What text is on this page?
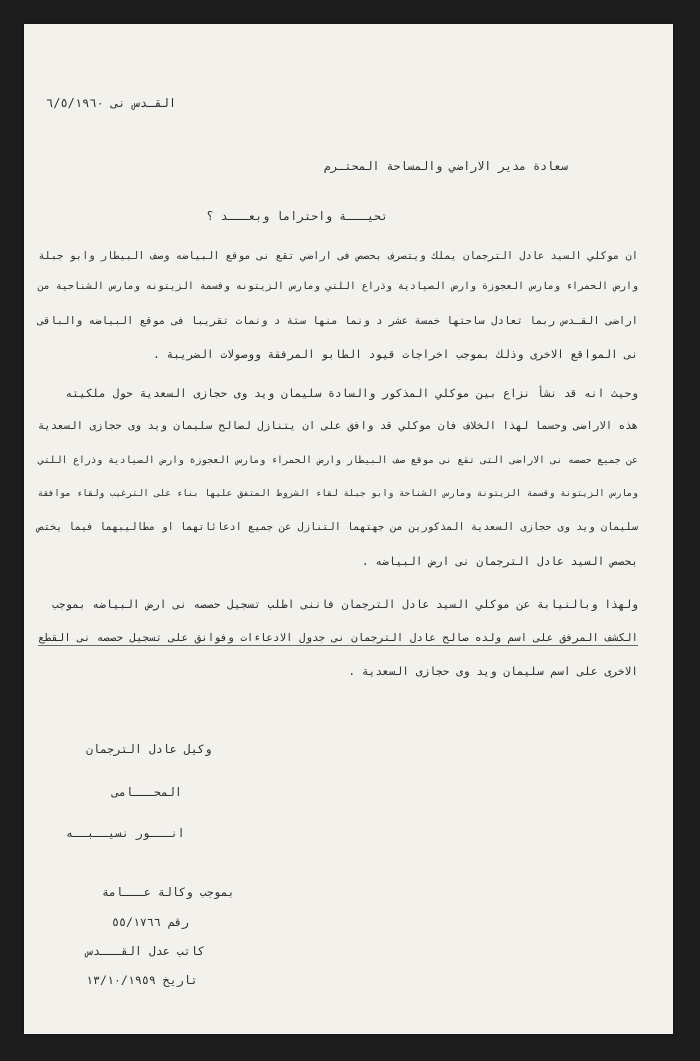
القـدس نى ٦/٥/١٩٦٠
سعادة مدير الاراضي والمساحة المحتـرم
تحيـــة واحتراما وبعـــد ؟
ان موكلي السيد عادل الترجمان يملك ويتصرف بحصص فى اراضي تقع نى موقع البياضه وصف البيطار وابو جبلة
وارض الحمراء ومارس العجوزة وارض الصيادية وذراع اللتي ومارس الزيتونه وفسمة الزيتونه ومارس الشناحية من
اراضى القـدس ربما تعادل ساحتها خمسة عشر د ونما منها ستة د ونمات تقريبا فى موقع البياضه والباقى
نى المواقع الاخرى وذلك بموجب اخراجات قيود الطابو المرفقة ووصولات الضريبة .
وحيث انه قد نشأ نزاع بين موكلي المذكور والسادة سليمان ويد وى حجازى السعدية حول ملكيته
هذه الاراضى وحسما لهذا الخلاف فان موكلي قد وافق على ان يتنازل لصالح سليمان ويد وى حجازى السعدية
عن جميع حصصه نى الاراضى التى تقع نى موقع صف البيطار وارض الحمراء ومارس العجوزة وارض الصيادية وذراع اللتي
ومارس الزيتونة وقسمة الزيتونة ومارس الشناحة وابو جبلة لقاء الشروط المتفق عليها بناء على الترغيب ولقاء موافقة
سليمان ويد وى حجازى السعدية المذكورين من جهتهما التنازل عن جميع ادعائاتهما او مطاليبهما فيما يختص
بحصص السيد عادل الترجمان نى ارض البياضه .
ولهذا وبالنيابة عن موكلي السيد عادل الترجمان فاننى اطلب تسجيل حصصه نى ارض البياضه بموجب
الكشف المرفق على اسم ولده صالح عادل الترجمان نى جدول الادعاءات وفوانق على تسجيل حصصه نى القطع
الاخرى على اسم سليمان ويد وى حجازى السعدية .
وكيل عادل الترجمان
المحـــامى
انـــور نسيــبــه
بموجب وكالة عـــامة
رقم ٥٥/١٧٦٦
كاتب عدل القـــدس
تاريخ ١٣/١٠/١٩٥٩
